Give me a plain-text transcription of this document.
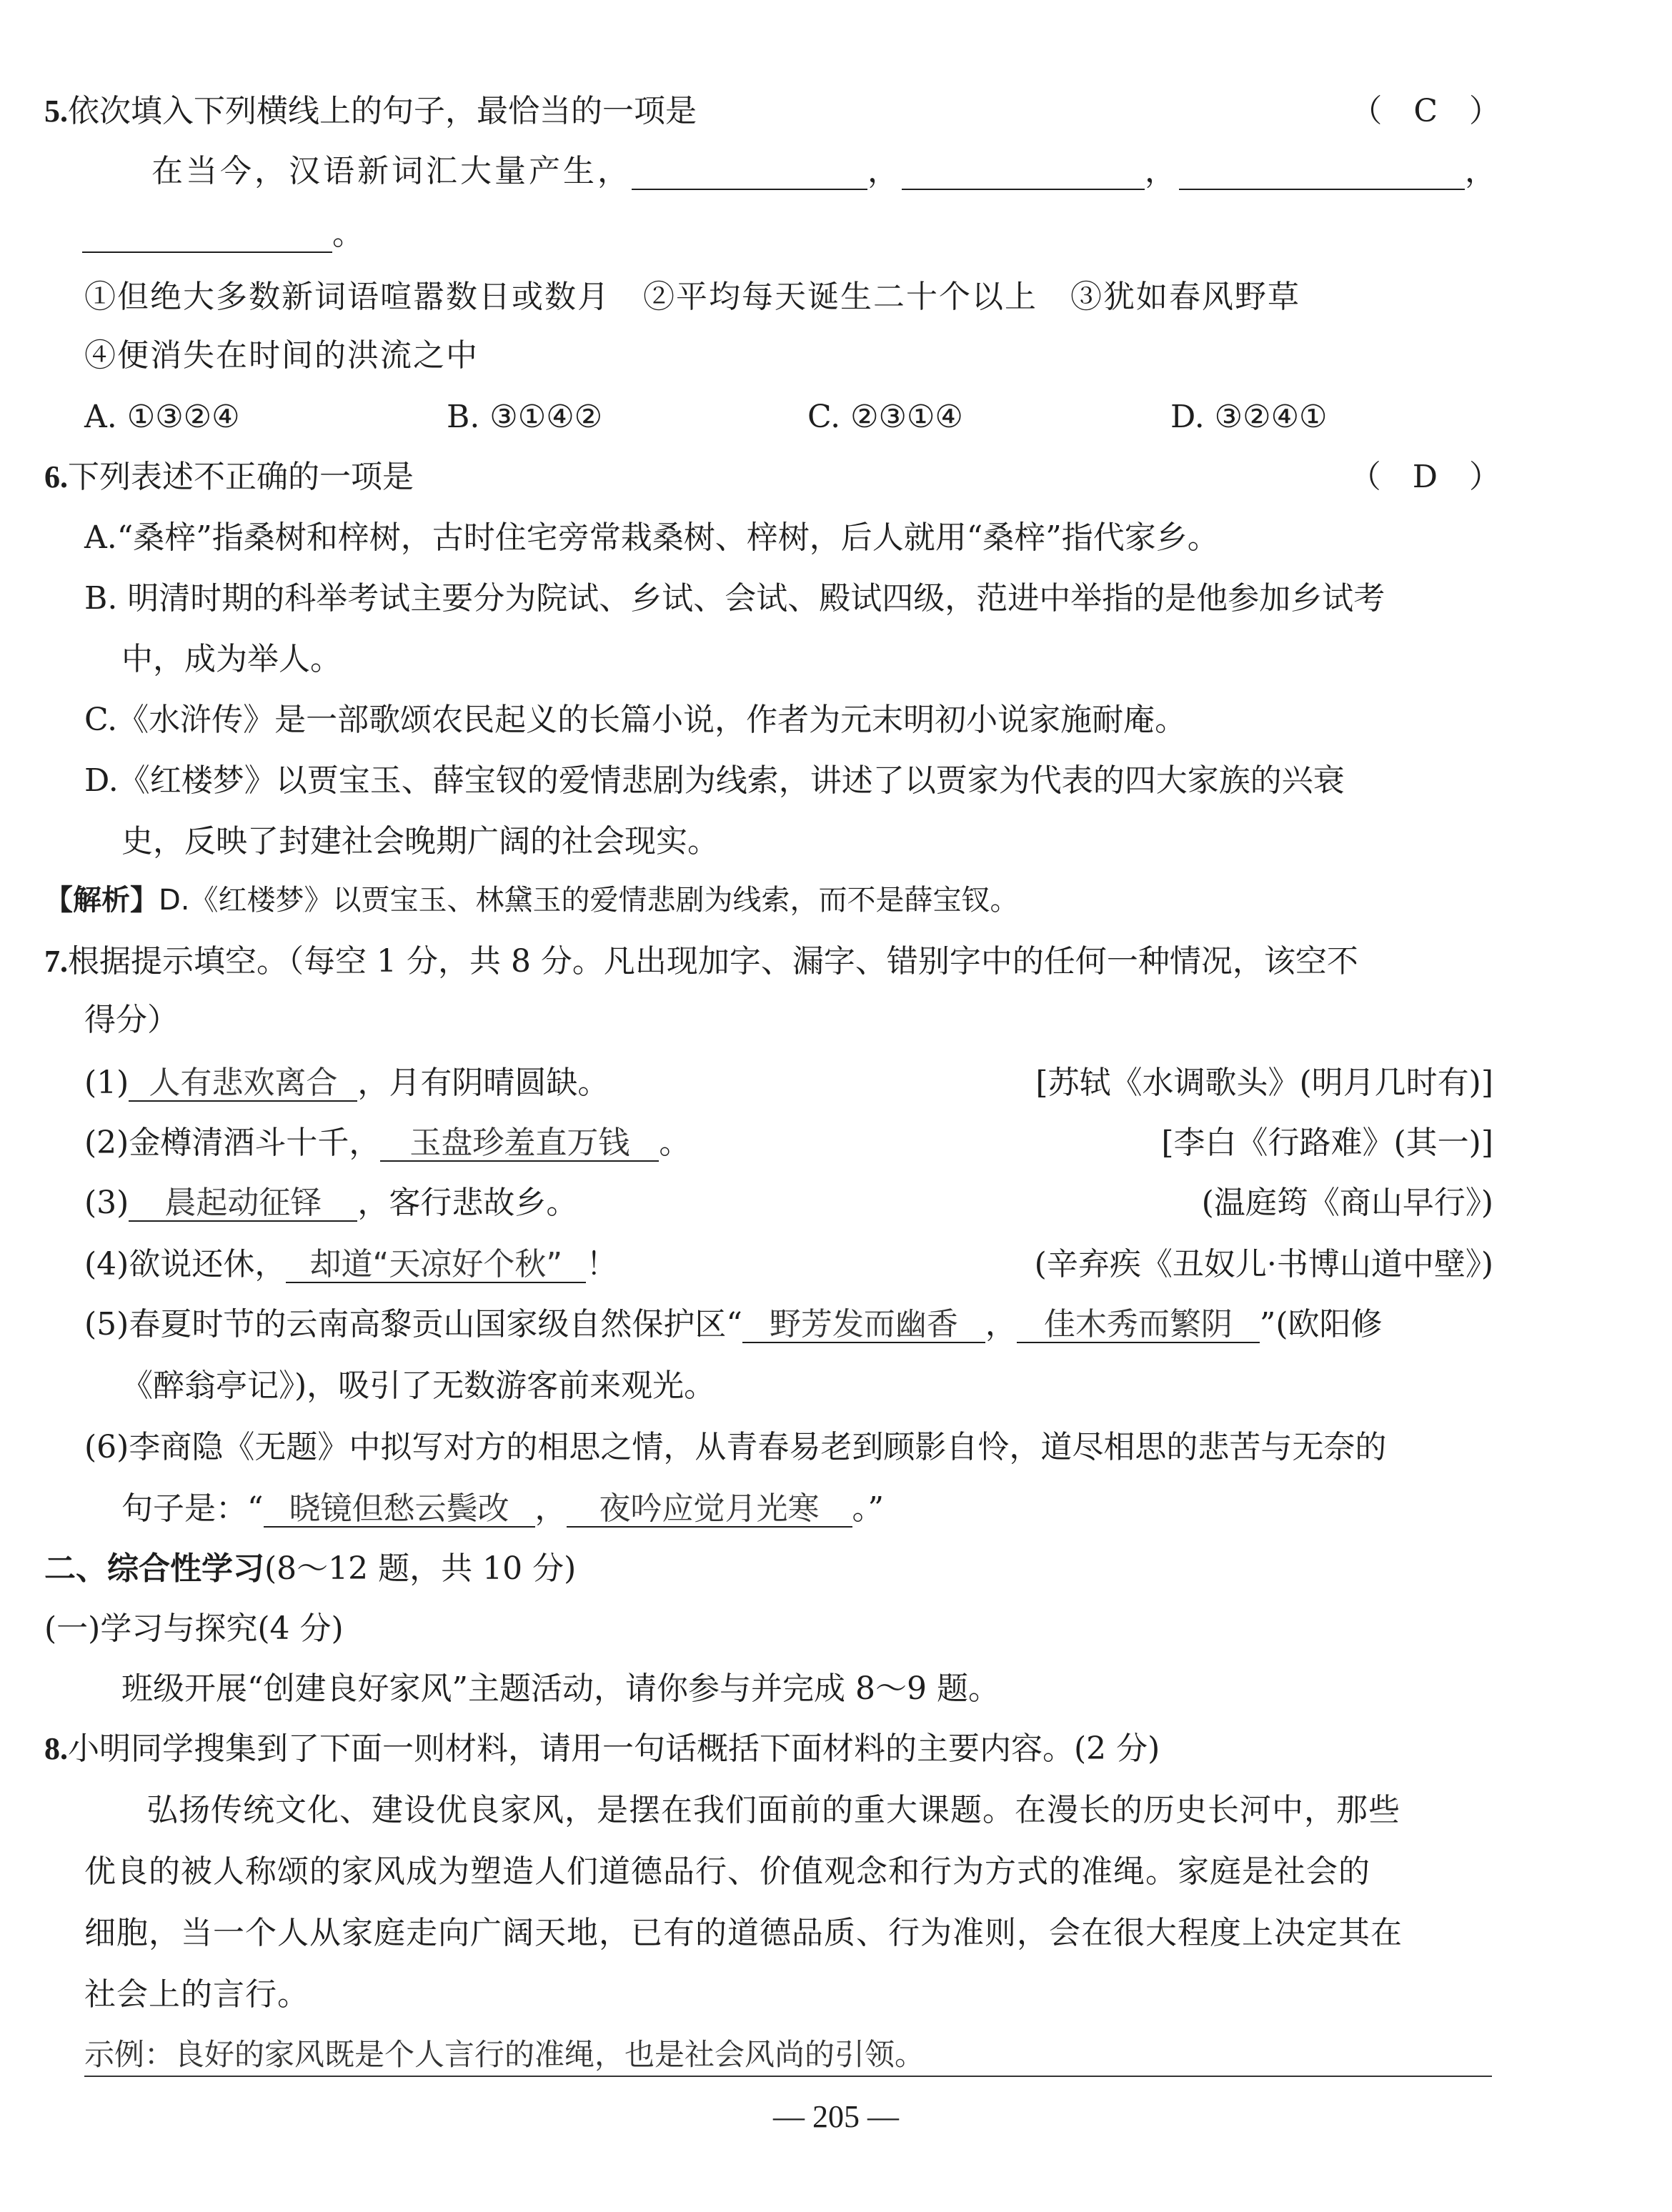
5.依次填入下列横线上的句子，最恰当的一项是	（　C　）
在当今，汉语新词汇大量产生，	，	，	，
。
①但绝大多数新词语喧嚣数日或数月　②平均每天诞生二十个以上　③犹如春风野草
④便消失在时间的洪流之中
A. ①③②④	B. ③①④②	C. ②③①④	D. ③②④①
6.下列表述不正确的一项是	（　D　）
A.“桑梓”指桑树和梓树，古时住宅旁常栽桑树、梓树，后人就用“桑梓”指代家乡。
B. 明清时期的科举考试主要分为院试、乡试、会试、殿试四级，范进中举指的是他参加乡试考
中，成为举人。
C.《水浒传》是一部歌颂农民起义的长篇小说，作者为元末明初小说家施耐庵。
D.《红楼梦》以贾宝玉、薛宝钗的爱情悲剧为线索，讲述了以贾家为代表的四大家族的兴衰
史，反映了封建社会晚期广阔的社会现实。
【解析】D.《红楼梦》以贾宝玉、林黛玉的爱情悲剧为线索，而不是薛宝钗。
7.根据提示填空。（每空 1 分，共 8 分。凡出现加字、漏字、错别字中的任何一种情况，该空不
得分）
(1) 人有悲欢离合 ，月有阴晴圆缺。	[苏轼《水调歌头》(明月几时有)]
(2)金樽清酒斗十千， 玉盘珍羞直万钱 。	[李白《行路难》(其一)]
(3) 晨起动征铎 ，客行悲故乡。	(温庭筠《商山早行》)
(4)欲说还休， 却道“天凉好个秋” ！	(辛弃疾《丑奴儿·书博山道中壁》)
(5)春夏时节的云南高黎贡山国家级自然保护区“ 野芳发而幽香 ， 佳木秀而繁阴 ”(欧阳修
《醉翁亭记》)，吸引了无数游客前来观光。
(6)李商隐《无题》中拟写对方的相思之情，从青春易老到顾影自怜，道尽相思的悲苦与无奈的
句子是：“ 晓镜但愁云鬓改 ， 夜吟应觉月光寒 。”
二、综合性学习(8～12 题，共 10 分)
(一)学习与探究(4 分)
班级开展“创建良好家风”主题活动，请你参与并完成 8～9 题。
8.小明同学搜集到了下面一则材料，请用一句话概括下面材料的主要内容。(2 分)
弘扬传统文化、建设优良家风，是摆在我们面前的重大课题。在漫长的历史长河中，那些
优良的被人称颂的家风成为塑造人们道德品行、价值观念和行为方式的准绳。家庭是社会的
细胞，当一个人从家庭走向广阔天地，已有的道德品质、行为准则，会在很大程度上决定其在
社会上的言行。
示例：良好的家风既是个人言行的准绳，也是社会风尚的引领。
— 205 —
